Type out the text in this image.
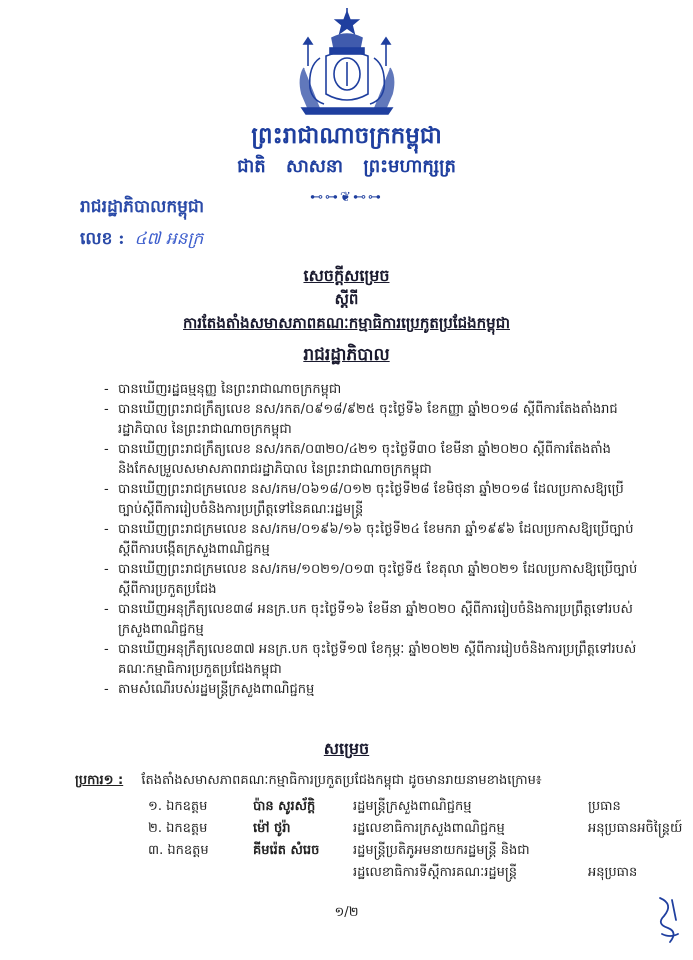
ព្រះរាជាណាចក្រកម្ពុជា
ជាតិ សាសនា ព្រះមហាក្សត្រ
⊷⊶❦⊷⊶
រាជរដ្ឋាភិបាលកម្ពុជា
លេខ : ៤៧ អនក្រ
សេចក្តីសម្រេច
ស្តីពី
ការតែងតាំងសមាសភាពគណៈកម្មាធិការប្រេកូតប្រជែងកម្ពុជា
រាជរដ្ឋាភិបាល
- បានឃើញរដ្ឋធម្មនុញ្ញ នៃព្រះរាជាណាចក្រកម្ពុជា
- បានឃើញព្រះរាជក្រឹត្យលេខ នស/រកត/០៩១៨/៩២៥ ចុះថ្ងៃទី៦ ខែកញ្ញា ឆ្នាំ២០១៨ ស្តីពីការតែងតាំងរាជរដ្ឋាភិបាល នៃព្រះរាជាណាចក្រកម្ពុជា
- បានឃើញព្រះរាជក្រឹត្យលេខ នស/រកត/០៣២០/៤២១ ចុះថ្ងៃទី៣០ ខែមីនា ឆ្នាំ២០២០ ស្តីពីការតែងតាំងនិងកែសម្រួលសមាសភាពរាជរដ្ឋាភិបាល នៃព្រះរាជាណាចក្រកម្ពុជា
- បានឃើញព្រះរាជក្រមលេខ នស/រកម/០៦១៨/០១២ ចុះថ្ងៃទី២៨ ខែមិថុនា ឆ្នាំ២០១៨ ដែលប្រកាសឱ្យប្រើច្បាប់ស្តីពីការរៀបចំនិងការប្រព្រឹត្តទៅនៃគណៈរដ្ឋមន្ត្រី
- បានឃើញព្រះរាជក្រមលេខ នស/រកម/០១៩៦/១៦ ចុះថ្ងៃទី២៤ ខែមករា ឆ្នាំ១៩៩៦ ដែលប្រកាសឱ្យប្រើច្បាប់ស្តីពីការបង្កើតក្រសួងពាណិជ្ជកម្ម
- បានឃើញព្រះរាជក្រមលេខ នស/រកម/១០២១/០១៣ ចុះថ្ងៃទី៥ ខែតុលា ឆ្នាំ២០២១ ដែលប្រកាសឱ្យប្រើច្បាប់ស្តីពីការប្រកួតប្រជែង
- បានឃើញអនុក្រឹត្យលេខ៣៨ អនក្រ.បក ចុះថ្ងៃទី១៦ ខែមីនា ឆ្នាំ២០២០ ស្តីពីការរៀបចំនិងការប្រព្រឹត្តទៅរបស់ក្រសួងពាណិជ្ជកម្ម
- បានឃើញអនុក្រឹត្យលេខ៣៧ អនក្រ.បក ចុះថ្ងៃទី១៧ ខែកុម្ភៈ ឆ្នាំ២០២២ ស្តីពីការរៀបចំនិងការប្រព្រឹត្តទៅរបស់គណៈកម្មាធិការប្រកួតប្រជែងកម្ពុជា
- តាមសំណើរបស់រដ្ឋមន្ត្រីក្រសួងពាណិជ្ជកម្ម
សម្រេច
ប្រការ១ : តែងតាំងសមាសភាពគណៈកម្មាធិការប្រកួតប្រជែងកម្ពុជា ដូចមានរាយនាមខាងក្រោម៖
១. ឯកឧត្តម	ប៉ាន សូរស័ក្តិ	រដ្ឋមន្ត្រីក្រសួងពាណិជ្ជកម្ម	ប្រធាន
២. ឯកឧត្តម	ម៉ៅ ថូរ៉ា	រដ្ឋលេខាធិការក្រសួងពាណិជ្ជកម្ម	អនុប្រធានអចិន្ត្រៃយ៍
៣. ឯកឧត្តម	គីមរ៉េត សំរេច	រដ្ឋមន្ត្រីប្រតិភូអមនាយករដ្ឋមន្ត្រី និងជា
រដ្ឋលេខាធិការទីស្តីការគណៈរដ្ឋមន្ត្រី	អនុប្រធាន
១/២
